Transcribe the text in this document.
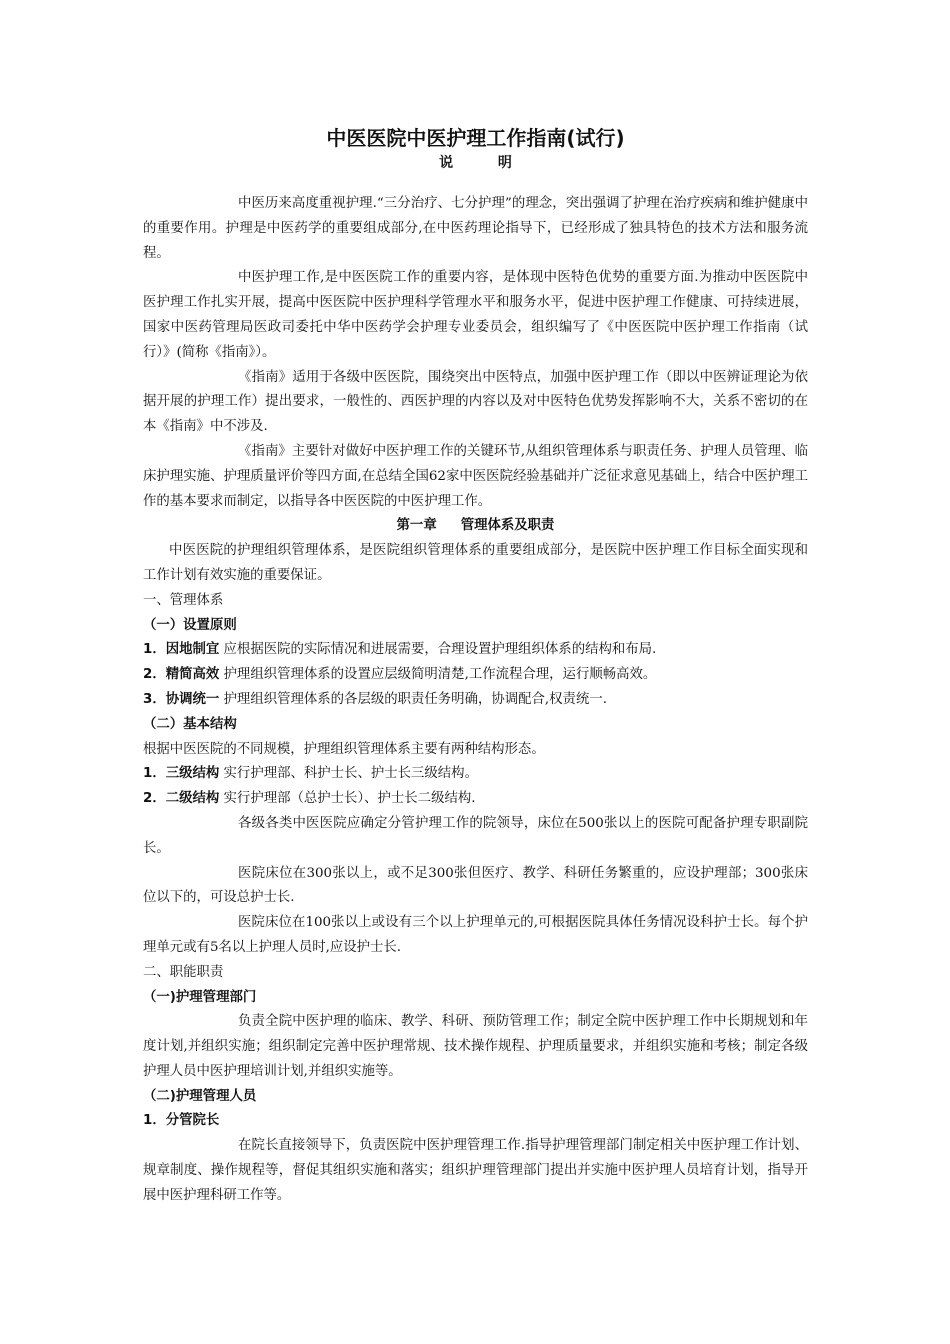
中医医院中医护理工作指南(试行)
说 明

中医历来高度重视护理.“三分治疗、七分护理”的理念，突出强调了护理在治疗疾病和维护健康中的重要作用。护理是中医药学的重要组成部分,在中医药理论指导下，已经形成了独具特色的技术方法和服务流程。

中医护理工作,是中医医院工作的重要内容，是体现中医特色优势的重要方面.为推动中医医院中医护理工作扎实开展，提高中医医院中医护理科学管理水平和服务水平，促进中医护理工作健康、可持续进展，国家中医药管理局医政司委托中华中医药学会护理专业委员会，组织编写了《中医医院中医护理工作指南（试行）》(简称《指南》）。

《指南》适用于各级中医医院，围绕突出中医特点，加强中医护理工作（即以中医辨证理论为依据开展的护理工作）提出要求，一般性的、西医护理的内容以及对中医特色优势发挥影响不大，关系不密切的在本《指南》中不涉及.

《指南》主要针对做好中医护理工作的关键环节,从组织管理体系与职责任务、护理人员管理、临床护理实施、护理质量评价等四方面,在总结全国62家中医医院经验基础并广泛征求意见基础上，结合中医护理工作的基本要求而制定，以指导各中医医院的中医护理工作。

第一章 管理体系及职责

中医医院的护理组织管理体系，是医院组织管理体系的重要组成部分，是医院中医护理工作目标全面实现和工作计划有效实施的重要保证。

一、管理体系

（一）设置原则

1．因地制宜 应根据医院的实际情况和进展需要，合理设置护理组织体系的结构和布局.

2．精简高效 护理组织管理体系的设置应层级简明清楚,工作流程合理，运行顺畅高效。

3．协调统一 护理组织管理体系的各层级的职责任务明确，协调配合,权责统一.

（二）基本结构

根据中医医院的不同规模，护理组织管理体系主要有两种结构形态。

1．三级结构 实行护理部、科护士长、护士长三级结构。

2．二级结构 实行护理部（总护士长）、护士长二级结构.

各级各类中医医院应确定分管护理工作的院领导，床位在500张以上的医院可配备护理专职副院长。

医院床位在300张以上，或不足300张但医疗、教学、科研任务繁重的，应设护理部；300张床位以下的，可设总护士长.

医院床位在100张以上或设有三个以上护理单元的,可根据医院具体任务情况设科护士长。每个护理单元或有5名以上护理人员时,应设护士长.

二、职能职责

（一)护理管理部门

负责全院中医护理的临床、教学、科研、预防管理工作；制定全院中医护理工作中长期规划和年度计划,并组织实施；组织制定完善中医护理常规、技术操作规程、护理质量要求，并组织实施和考核；制定各级护理人员中医护理培训计划,并组织实施等。

（二)护理管理人员

1．分管院长

在院长直接领导下，负责医院中医护理管理工作.指导护理管理部门制定相关中医护理工作计划、规章制度、操作规程等，督促其组织实施和落实；组织护理管理部门提出并实施中医护理人员培育计划，指导开展中医护理科研工作等。
